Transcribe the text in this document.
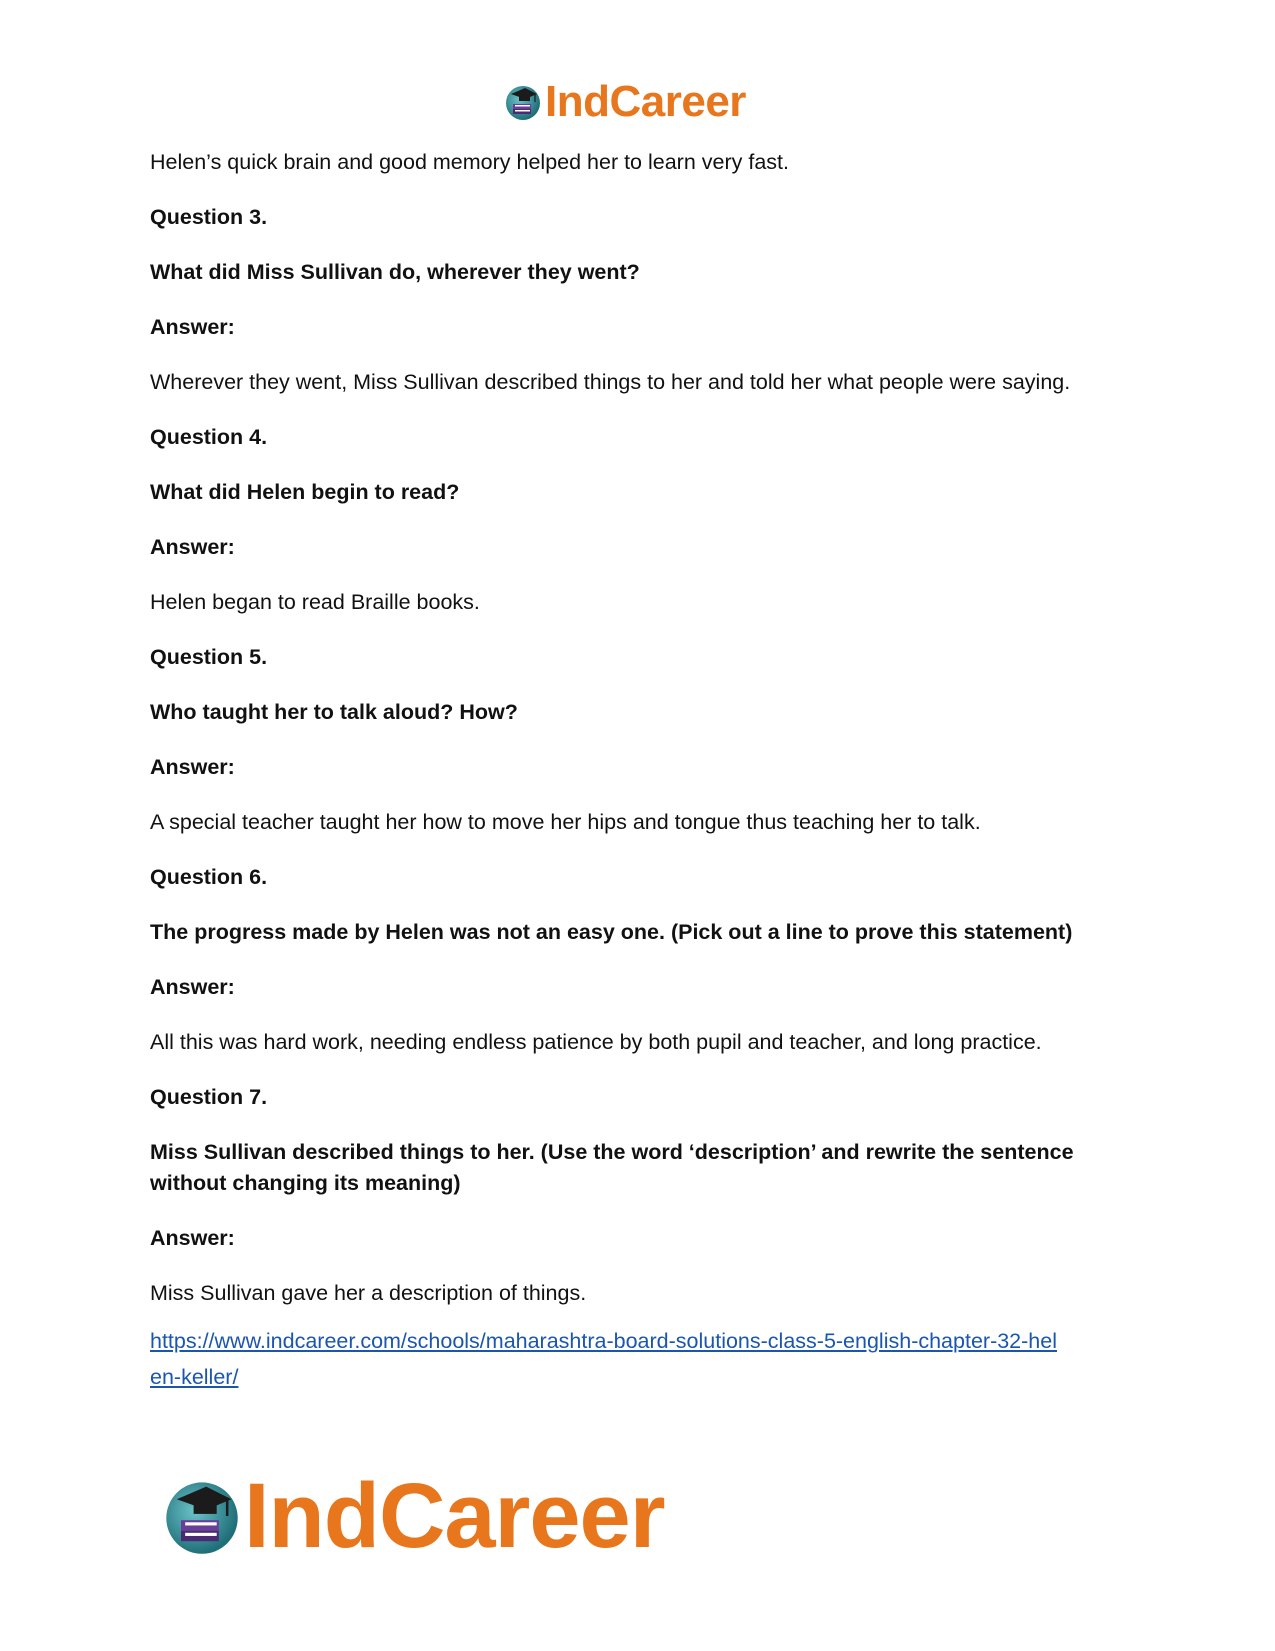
IndCareer

Helen’s quick brain and good memory helped her to learn very fast.

Question 3.

What did Miss Sullivan do, wherever they went?

Answer:

Wherever they went, Miss Sullivan described things to her and told her what people were saying.

Question 4.

What did Helen begin to read?

Answer:

Helen began to read Braille books.

Question 5.

Who taught her to talk aloud? How?

Answer:

A special teacher taught her how to move her hips and tongue thus teaching her to talk.

Question 6.

The progress made by Helen was not an easy one. (Pick out a line to prove this statement)

Answer:

All this was hard work, needing endless patience by both pupil and teacher, and long practice.

Question 7.

Miss Sullivan described things to her. (Use the word ‘description’ and rewrite the sentence without changing its meaning)

Answer:

Miss Sullivan gave her a description of things.

https://www.indcareer.com/schools/maharashtra-board-solutions-class-5-english-chapter-32-hel
en-keller/
IndCareer
